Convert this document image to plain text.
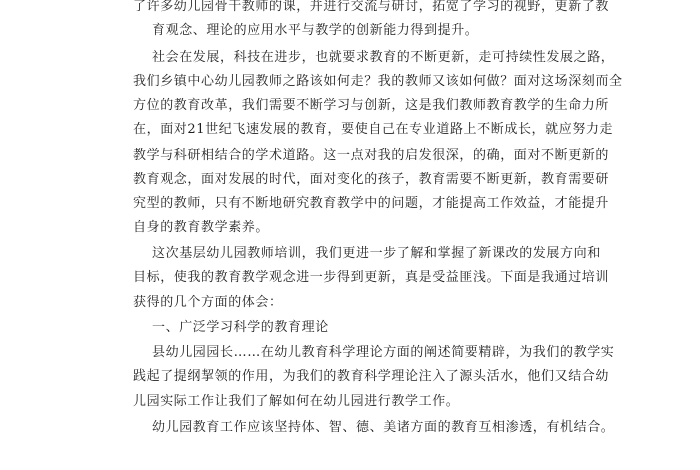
了许多幼儿园骨干教师的课，并进行交流与研讨，拓宽了学习的视野，更新了教
育观念、理论的应用水平与教学的创新能力得到提升。
社会在发展，科技在进步，也就要求教育的不断更新，走可持续性发展之路，
我们乡镇中心幼儿园教师之路该如何走？我的教师又该如何做？面对这场深刻而全
方位的教育改革，我们需要不断学习与创新，这是我们教师教育教学的生命力所
在，面对21世纪飞速发展的教育，要使自己在专业道路上不断成长，就应努力走
教学与科研相结合的学术道路。这一点对我的启发很深，的确，面对不断更新的
教育观念，面对发展的时代，面对变化的孩子，教育需要不断更新，教育需要研
究型的教师，只有不断地研究教育教学中的问题，才能提高工作效益，才能提升
自身的教育教学素养。
这次基层幼儿园教师培训，我们更进一步了解和掌握了新课改的发展方向和
目标，使我的教育教学观念进一步得到更新，真是受益匪浅。下面是我通过培训
获得的几个方面的体会：
一、广泛学习科学的教育理论
县幼儿园园长……在幼儿教育科学理论方面的阐述简要精辟，为我们的教学实
践起了提纲挈领的作用，为我们的教育科学理论注入了源头活水，他们又结合幼
儿园实际工作让我们了解如何在幼儿园进行教学工作。
幼儿园教育工作应该坚持体、智、德、美诸方面的教育互相渗透，有机结合。
